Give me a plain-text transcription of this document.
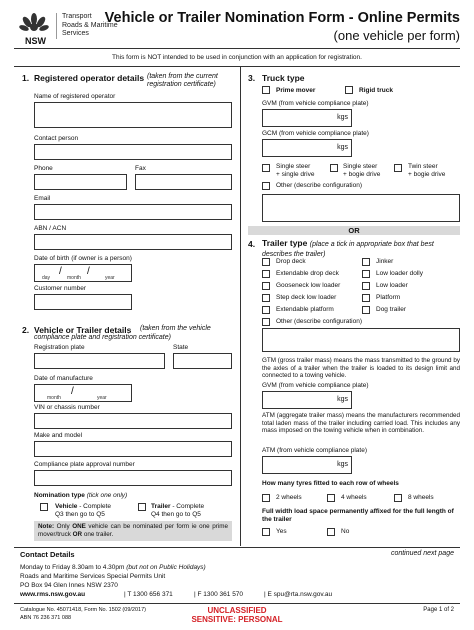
NSW
Transport
Roads & Maritime
Services
Vehicle or Trailer Nomination Form - Online Permits
(one vehicle per form)
This form is NOT intended to be used in conjunction with an application for registration.
1. Registered operator details (taken from the current registration certificate)
Name of registered operator
Contact person
Phone	Fax
Email
ABN / ACN
Date of birth (if owner is a person)
/	/
day	month	year
Customer number
2. Vehicle or Trailer details (taken from the vehicle
compliance plate and registration certificate)
Registration plate	State
Date of manufacture
/
month	year
VIN or chassis number
Make and model
Compliance plate approval number
Nomination type (tick one only)
Vehicle - Complete
Q3 then go to Q5
Trailer - Complete
Q4 then go to Q5
Note: Only ONE vehicle can be nominated per form ie one prime mover/truck OR one trailer.
3. Truck type
Prime mover	Rigid truck
GVM (from vehicle compliance plate)
kgs
GCM (from vehicle compliance plate)
kgs
Single steer
+ single drive
Single steer
+ bogie drive
Twin steer
+ bogie drive
Other (describe configuration)
OR
4. Trailer type (place a tick in appropriate box that best describes the trailer)
Drop deck	Jinker
Extendable drop deck	Low loader dolly
Gooseneck low loader	Low loader
Step deck low loader	Platform
Extendable platform	Dog trailer
Other (describe configuration)
GTM (gross trailer mass) means the mass transmitted to the ground by the axles of a trailer when the trailer is loaded to its design limit and connected to a towing vehicle.
GVM (from vehicle compliance plate)
kgs
ATM (aggregate trailer mass) means the manufacturers recommended total laden mass of the trailer including carried load. This includes any mass imposed on the towing vehicle when in combination.
ATM (from vehicle compliance plate)
kgs
How many tyres fitted to each row of wheels
2 wheels	4 wheels	8 wheels
Full width load space permanently affixed for the full length of the trailer
Yes	No
Contact Details	continued next page
Monday to Friday 8.30am to 4.30pm (but not on Public Holidays)
Roads and Maritime Services Special Permits Unit
PO Box 94 Glen Innes NSW 2370
www.rms.nsw.gov.au	| T 1300 656 371	| F 1300 361 570	| E spu@rta.nsw.gov.au
Catalogue No. 45071418, Form No. 1502 (09/2017)
ABN 76 236 371 088
UNCLASSIFIED
SENSITIVE: PERSONAL
Page 1 of 2
